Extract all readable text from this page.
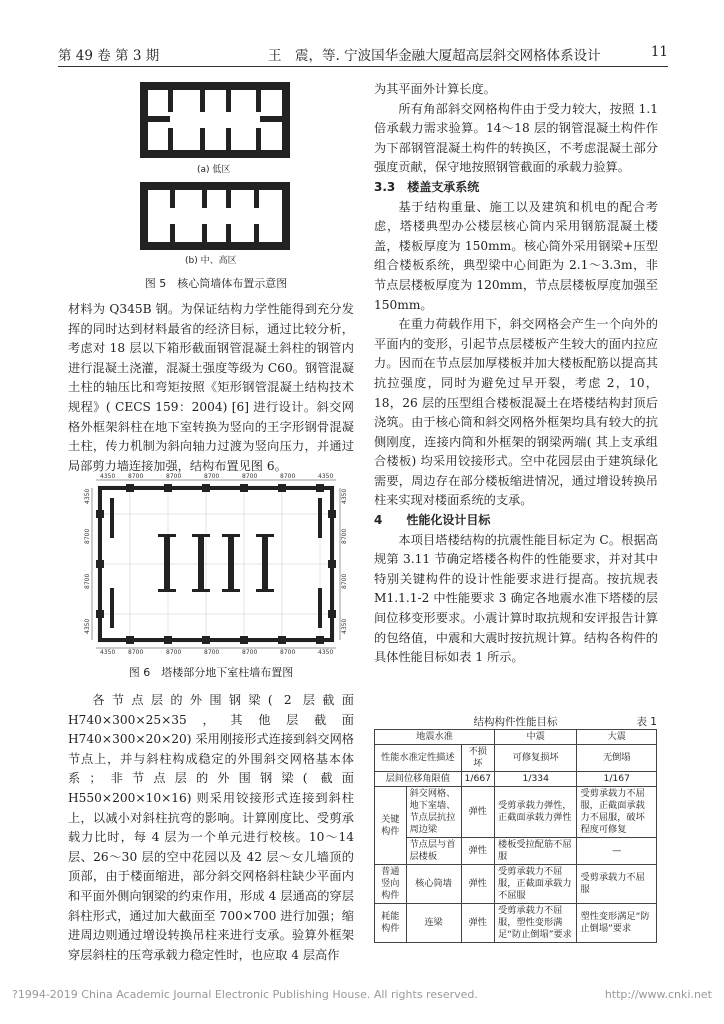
第 49 卷 第 3 期	王　震，等. 宁波国华金融大厦超高层斜交网格体系设计	11
(a) 低区
(b) 中、高区
图 5　核心筒墙体布置示意图

材料为 Q345B 钢。为保证结构力学性能得到充分发挥的同时达到材料最省的经济目标，通过比较分析，考虑对 18 层以下箱形截面钢管混凝土斜柱的钢管内进行混凝土浇灌，混凝土强度等级为 C60。钢管混凝土柱的轴压比和弯矩按照《矩形钢管混凝土结构技术规程》( CECS 159：2004) [6] 进行设计。斜交网格外框架斜柱在地下室转换为竖向的王字形钢骨混凝土柱，传力机制为斜向轴力过渡为竖向压力，并通过局部剪力墙连接加强，结构布置见图 6。

4350 8700	8700	8700	8700	8700	4350
4350 8700	8700	8700	8700	8700	4350
4350
8700
8700
4350
4350
8700
8700
4350
图 6　塔楼部分地下室柱墙布置图

各节点层的外围钢梁( 2 层截面 H740×300×25×35，其他层截面 H740×300×20×20) 采用刚接形式连接到斜交网格节点上，并与斜柱构成稳定的外围斜交网格基本体系；非节点层的外围钢梁( 截面 H550×200×10×16) 则采用铰接形式连接到斜柱上，以减小对斜柱抗弯的影响。计算刚度比、受剪承载力比时，每 4 层为一个单元进行校核。10～14 层、26～30 层的空中花园以及 42 层～女儿墙顶的顶部，由于楼面缩进，部分斜交网格斜柱缺少平面内和平面外侧向钢梁的约束作用，形成 4 层通高的穿层斜柱形式，通过加大截面至 700×700 进行加强；缩进周边则通过增设转换吊柱来进行支承。验算外框架穿层斜柱的压弯承载力稳定性时，也应取 4 层高作

为其平面外计算长度。

所有角部斜交网格构件由于受力较大，按照 1.1 倍承载力需求验算。14～18 层的钢管混凝土构件作为下部钢管混凝土构件的转换区，不考虑混凝土部分强度贡献，保守地按照钢管截面的承载力验算。

3.3　楼盖支承系统

基于结构重量、施工以及建筑和机电的配合考虑，塔楼典型办公楼层核心筒内采用钢筋混凝土楼盖，楼板厚度为 150mm。核心筒外采用钢梁+压型组合楼板系统，典型梁中心间距为 2.1～3.3m，非节点层楼板厚度为 120mm，节点层楼板厚度加强至 150mm。

在重力荷载作用下，斜交网格会产生一个向外的平面内的变形，引起节点层楼板产生较大的面内拉应力。因而在节点层加厚楼板并加大楼板配筋以提高其抗拉强度，同时为避免过早开裂，考虑 2，10，18，26 层的压型组合楼板混凝土在塔楼结构封顶后浇筑。由于核心筒和斜交网格外框架均具有较大的抗侧刚度，连接内筒和外框架的钢梁两端( 其上支承组合楼板) 均采用铰接形式。空中花园层由于建筑绿化需要，周边存在部分楼板缩进情况，通过增设转换吊柱来实现对楼面系统的支承。

4　　性能化设计目标

本项目塔楼结构的抗震性能目标定为 C。根据高规第 3.11 节确定塔楼各构件的性能要求，并对其中特别关键构件的设计性能要求进行提高。按抗规表 M1.1.1-2 中性能要求 3 确定各地震水准下塔楼的层间位移变形要求。小震计算时取抗规和安评报告计算的包络值，中震和大震时按抗规计算。结构各构件的具体性能目标如表 1 所示。

结构构件性能目标	表 1
地震水准			中震	大震
性能水准定性描述		不损坏	可修复损坏	无倒塌
层间位移角限值		1/667	1/334	1/167
关键构件	斜交网格、地下室墙、节点层抗拉周边梁	弹性	受剪承载力弹性，正截面承载力弹性	受剪承载力不屈服，正截面承载力不屈服，破坏程度可修复
	节点层与首层楼板	弹性	楼板受拉配筋不屈服	—
普通竖向构件	核心筒墙	弹性	受剪承载力不屈服，正截面承载力不屈服	受剪承载力不屈服
耗能构件	连梁	弹性	受剪承载力不屈服，塑性变形满足“防止倒塌”要求	塑性变形满足“防止倒塌”要求
?1994-2019 China Academic Journal Electronic Publishing House. All rights reserved.	http://www.cnki.net
